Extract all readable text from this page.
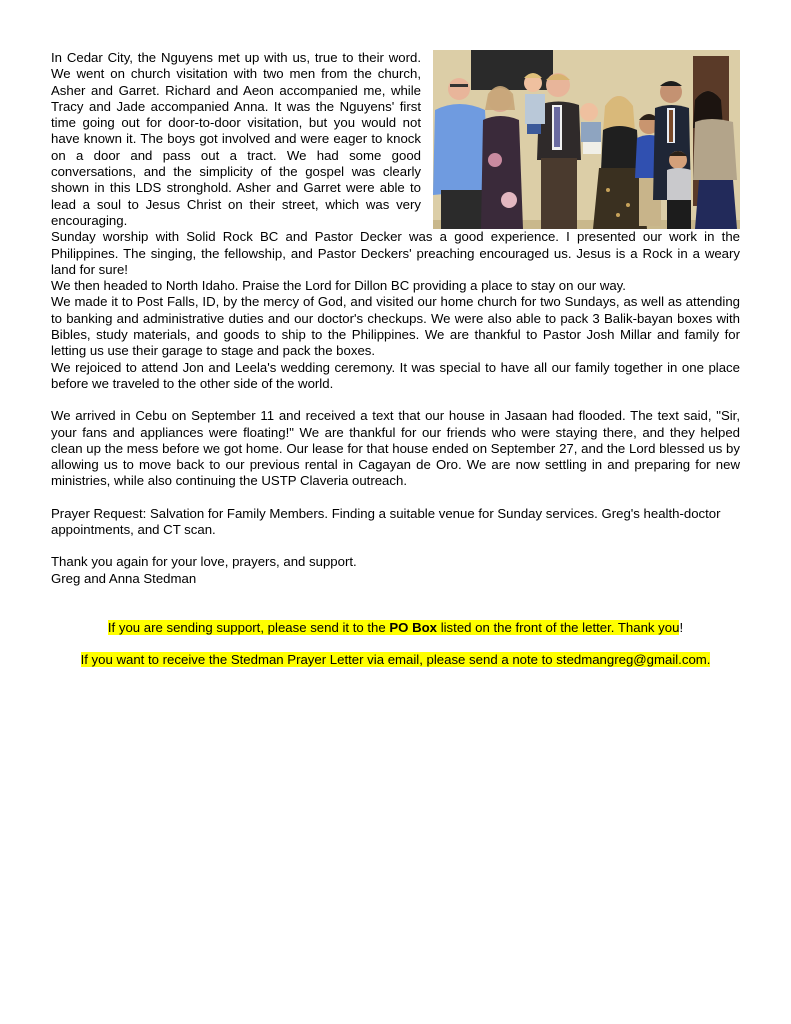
In Cedar City, the Nguyens met up with us, true to their word. We went on church visitation with two men from the church, Asher and Garret. Richard and Aeon accompanied me, while Tracy and Jade accompanied Anna. It was the Nguyens' first time going out for door-to-door visitation, but you would not have known it. The boys got involved and were eager to knock on a door and pass out a tract. We had some good conversations, and the simplicity of the gospel was clearly shown in this LDS stronghold. Asher and Garret were able to lead a soul to Jesus Christ on their street, which was very encouraging.

Sunday worship with Solid Rock BC and Pastor Decker was a good experience. I presented our work in the Philippines. The singing, the fellowship, and Pastor Deckers' preaching encouraged us. Jesus is a Rock in a weary land for sure!

We then headed to North Idaho. Praise the Lord for Dillon BC providing a place to stay on our way.

We made it to Post Falls, ID, by the mercy of God, and visited our home church for two Sundays, as well as attending to banking and administrative duties and our doctor's checkups. We were also able to pack 3 Balik-bayan boxes with Bibles, study materials, and goods to ship to the Philippines. We are thankful to Pastor Josh Millar and family for letting us use their garage to stage and pack the boxes.

We rejoiced to attend Jon and Leela's wedding ceremony. It was special to have all our family together in one place before we traveled to the other side of the world.

We arrived in Cebu on September 11 and received a text that our house in Jasaan had flooded. The text said, "Sir, your fans and appliances were floating!" We are thankful for our friends who were staying there, and they helped clean up the mess before we got home. Our lease for that house ended on September 27, and the Lord blessed us by allowing us to move back to our previous rental in Cagayan de Oro. We are now settling in and preparing for new ministries, while also continuing the USTP Claveria outreach.

Prayer Request: Salvation for Family Members. Finding a suitable venue for Sunday services. Greg's health-doctor appointments, and CT scan.

Thank you again for your love, prayers, and support.

Greg and Anna Stedman

If you are sending support, please send it to the PO Box listed on the front of the letter. Thank you!

If you want to receive the Stedman Prayer Letter via email, please send a note to stedmangreg@gmail.com.
